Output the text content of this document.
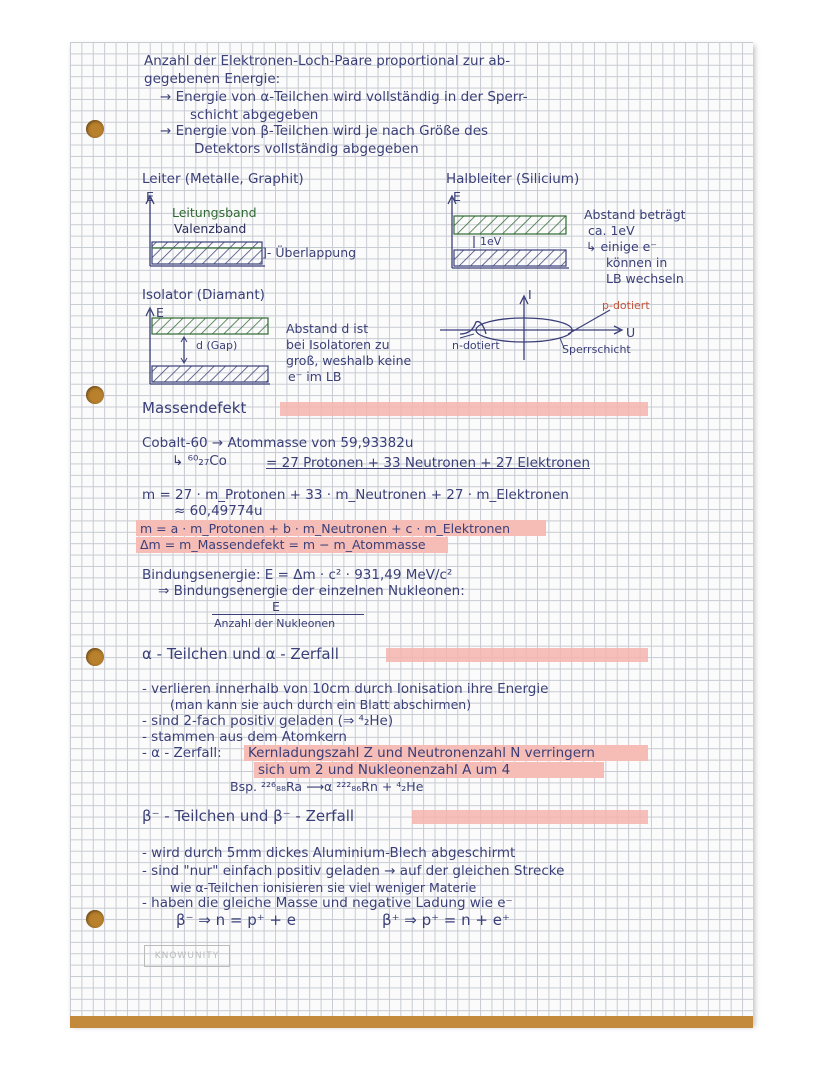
Anzahl der Elektronen-Loch-Paare proportional zur ab-
gegebenen Energie:
→ Energie von α-Teilchen wird vollständig in der Sperr-
schicht abgegeben
→ Energie von β-Teilchen wird je nach Größe des
Detektors vollständig abgegeben
Leiter (Metalle, Graphit)
E
Leitungsband
Valenzband
]- Überlappung
Halbleiter (Silicium)
1eV
E
Abstand beträgt
ca. 1eV
↳ einige e⁻
können in
LB wechseln
Isolator (Diamant)
E
d (Gap)
Abstand d ist
bei Isolatoren zu
groß, weshalb keine
e⁻ im LB
I
U
p-dotiert
n-dotiert	Sperrschicht
Massendefekt
Cobalt-60 → Atommasse von 59,93382u
↳ ⁶⁰₂₇Co	= 27 Protonen + 33 Neutronen + 27 Elektronen
m = 27 · m_Protonen + 33 · m_Neutronen + 27 · m_Elektronen
≈ 60,49774u
m = a · m_Protonen + b · m_Neutronen + c · m_Elektronen
Δm = m_Massendefekt = m − m_Atommasse
Bindungsenergie: E = Δm · c² · 931,49 MeV/c²
⇒ Bindungsenergie der einzelnen Nukleonen:
E
Anzahl der Nukleonen
α - Teilchen und α - Zerfall
- verlieren innerhalb von 10cm durch Ionisation ihre Energie
(man kann sie auch durch ein Blatt abschirmen)
- sind 2-fach positiv geladen (⇒ ⁴₂He)
- stammen aus dem Atomkern
- α - Zerfall: Kernladungszahl Z und Neutronenzahl N verringern
sich um 2 und Nukleonenzahl A um 4
Bsp. ²²⁶₈₈Ra ⟶α ²²²₈₆Rn + ⁴₂He
β⁻ - Teilchen und β⁻ - Zerfall
- wird durch 5mm dickes Aluminium-Blech abgeschirmt
- sind "nur" einfach positiv geladen → auf der gleichen Strecke
wie α-Teilchen ionisieren sie viel weniger Materie
- haben die gleiche Masse und negative Ladung wie e⁻
β⁻ ⇒ n = p⁺ + e	β⁺ ⇒ p⁺ = n + e⁺
KNOWUNITY
